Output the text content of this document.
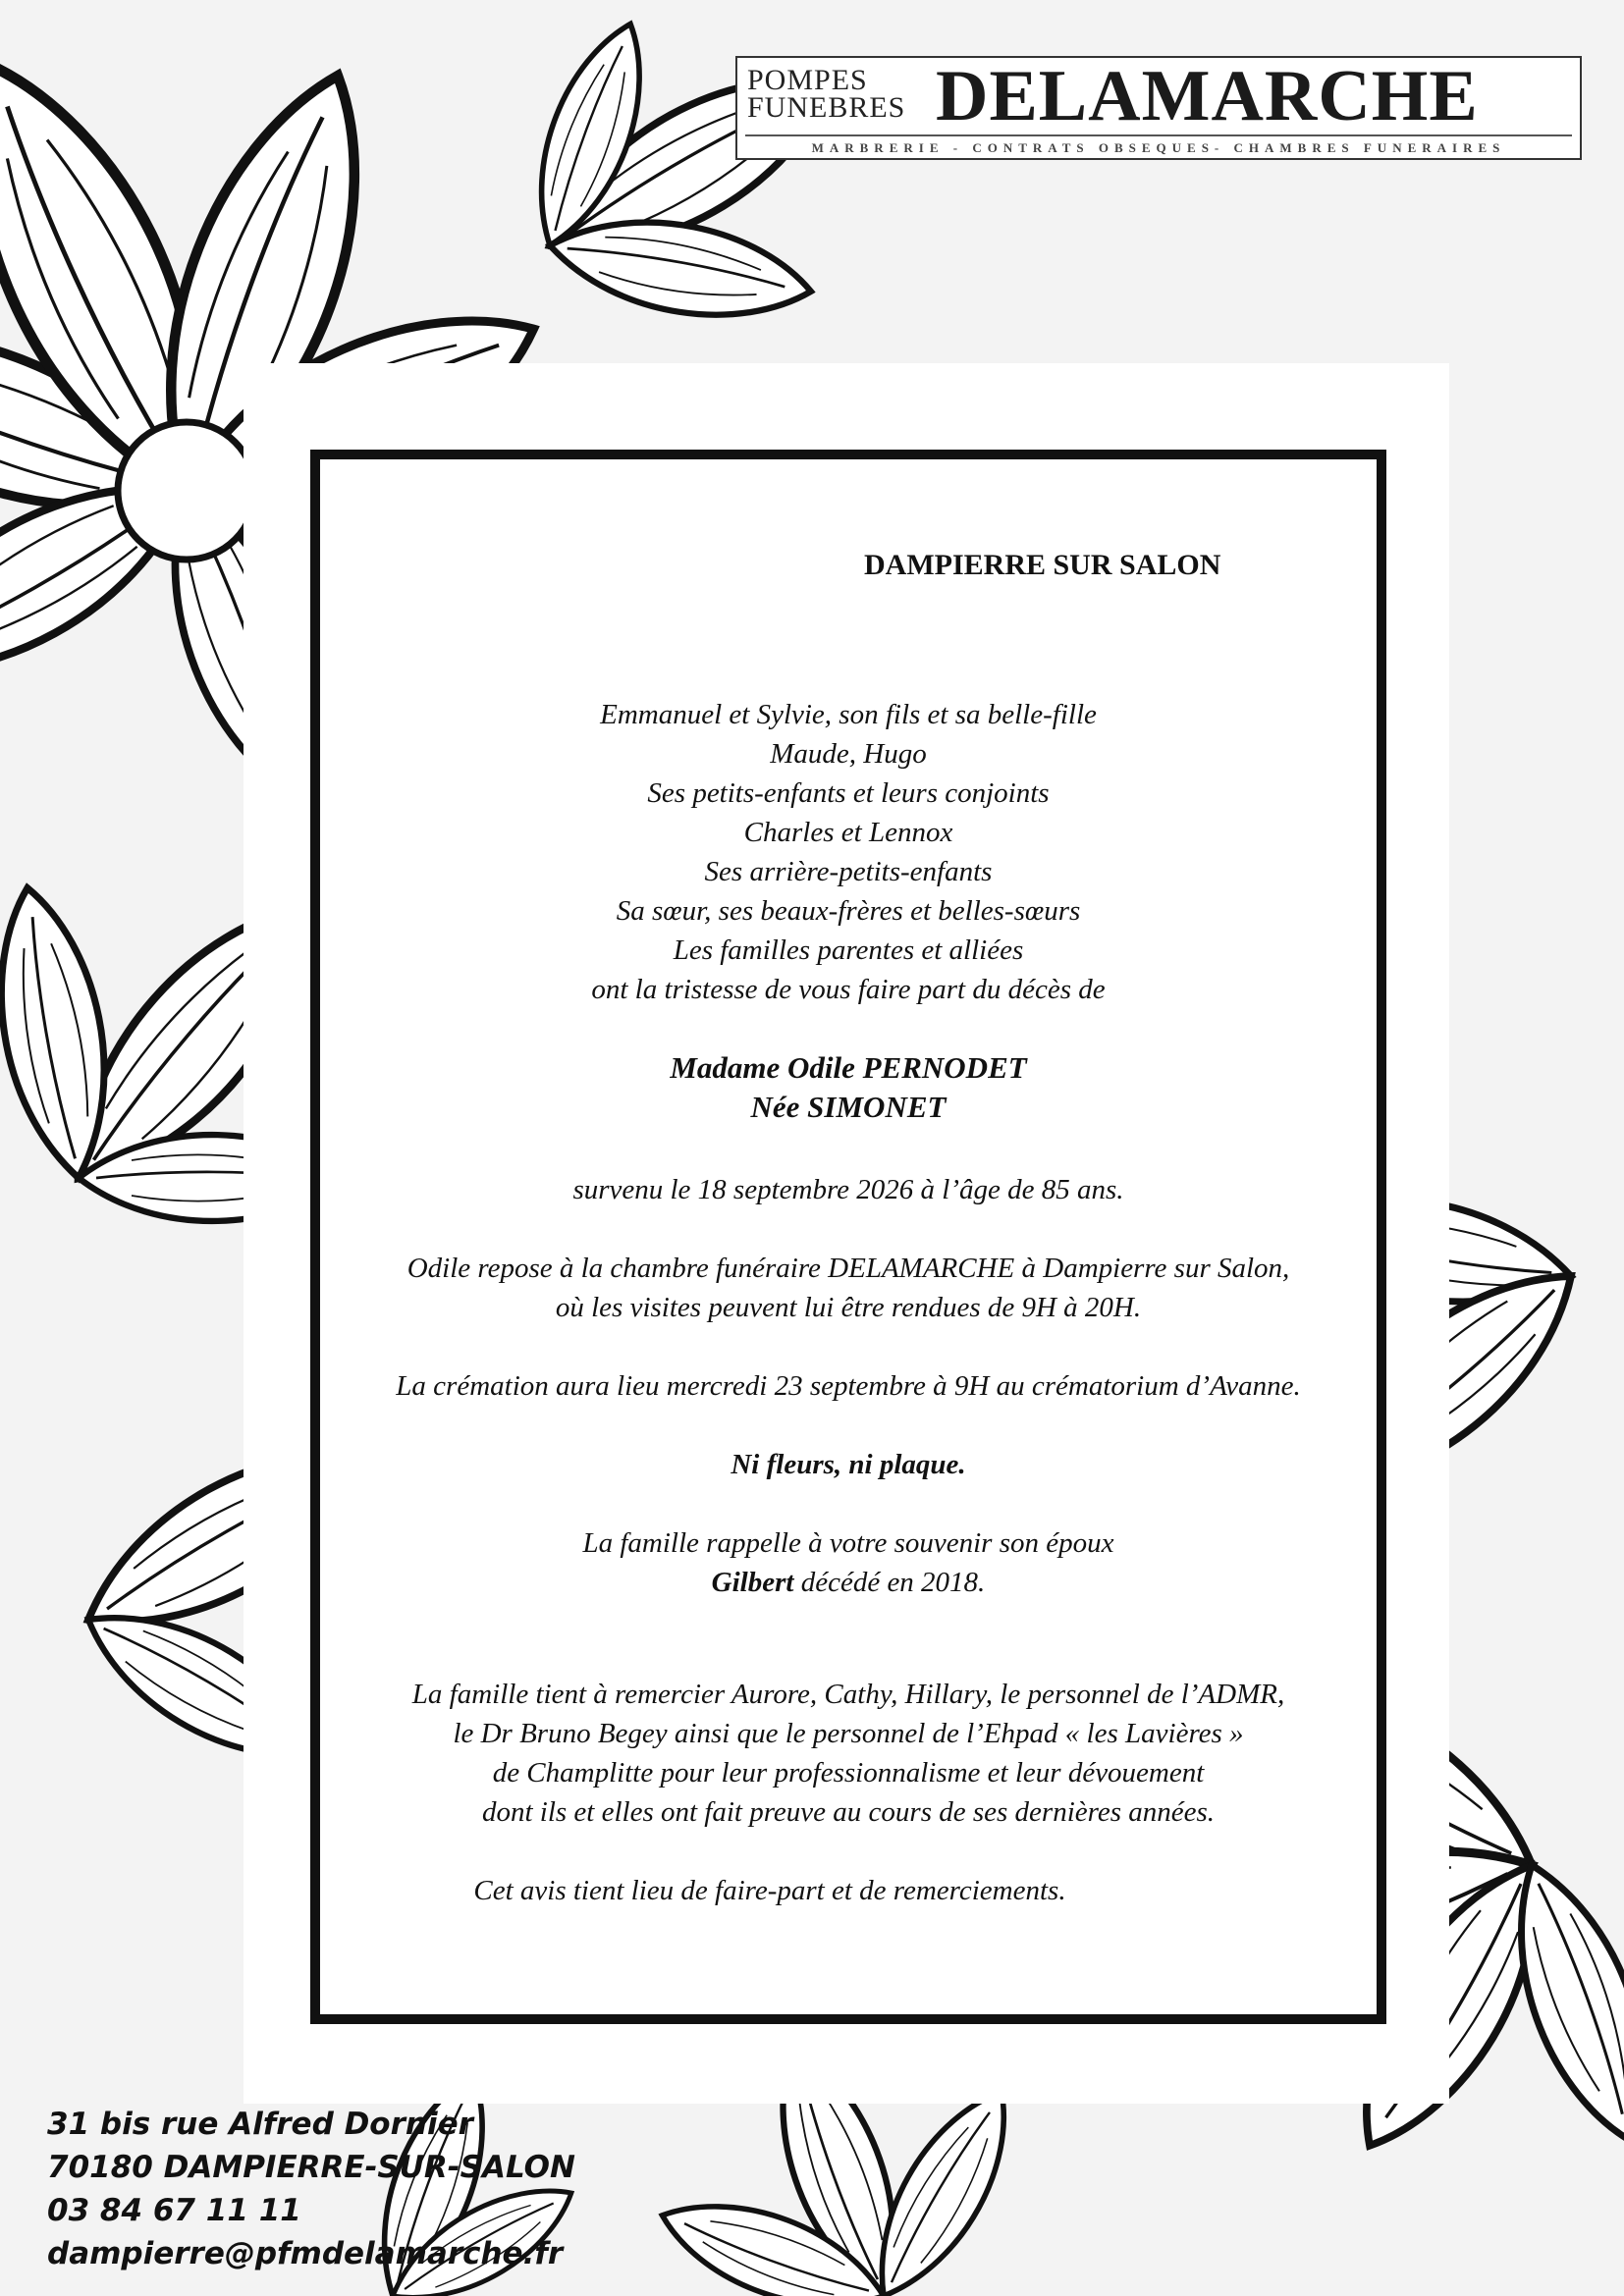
POMPES
FUNEBRES DELAMARCHE
MARBRERIE - CONTRATS OBSEQUES- CHAMBRES FUNERAIRES
DAMPIERRE SUR SALON
Emmanuel et Sylvie, son fils et sa belle-fille
Maude, Hugo
Ses petits-enfants et leurs conjoints
Charles et Lennox
Ses arrière-petits-enfants
Sa sœur, ses beaux-frères et belles-sœurs
Les familles parentes et alliées
ont la tristesse de vous faire part du décès de
Madame Odile PERNODET
Née SIMONET
survenu le 18 septembre 2026 à l’âge de 85 ans.
Odile repose à la chambre funéraire DELAMARCHE à Dampierre sur Salon,
où les visites peuvent lui être rendues de 9H à 20H.
La crémation aura lieu mercredi 23 septembre à 9H au crématorium d’Avanne.
Ni fleurs, ni plaque.
La famille rappelle à votre souvenir son époux
Gilbert décédé en 2018.
La famille tient à remercier Aurore, Cathy, Hillary, le personnel de l’ADMR,
le Dr Bruno Begey ainsi que le personnel de l’Ehpad « les Lavières »
de Champlitte pour leur professionnalisme et leur dévouement
dont ils et elles ont fait preuve au cours de ses dernières années.
Cet avis tient lieu de faire-part et de remerciements.
31 bis rue Alfred Dornier
70180 DAMPIERRE-SUR-SALON
03 84 67 11 11
dampierre@pfmdelamarche.fr
